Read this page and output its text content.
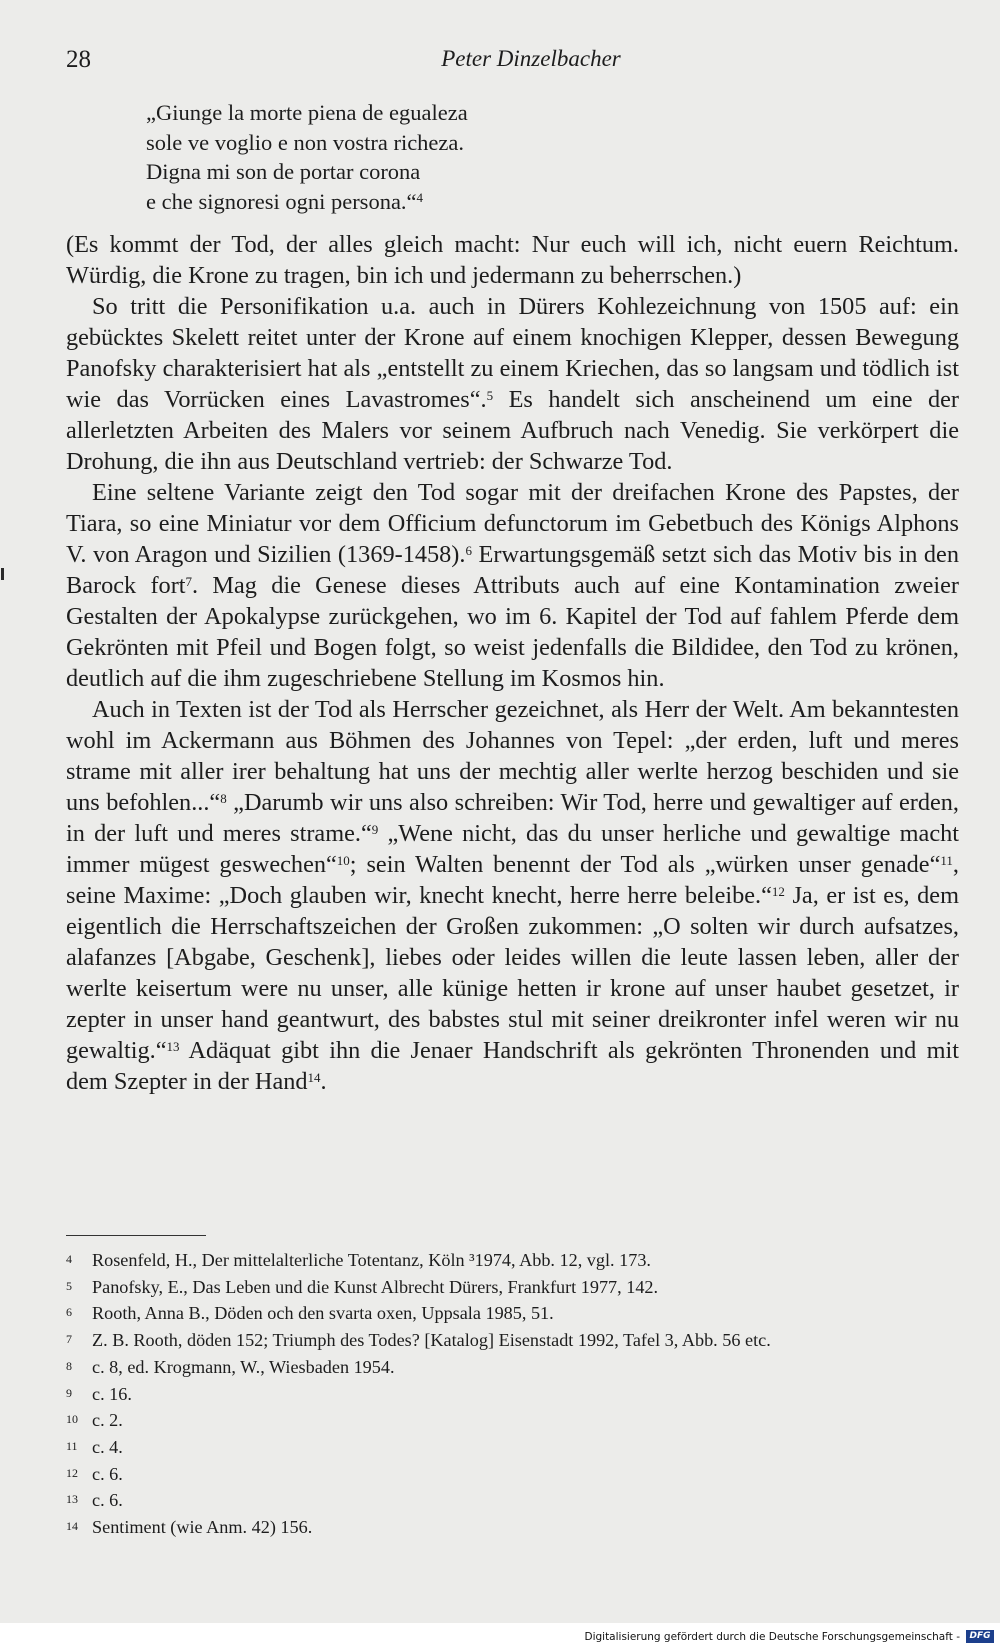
28	Peter Dinzelbacher
„Giunge la morte piena de egualeza
sole ve voglio e non vostra richeza.
Digna mi son de portar corona
e che signoresi ogni persona.“$^4$

(Es kommt der Tod, der alles gleich macht: Nur euch will ich, nicht euern Reichtum. Würdig, die Krone zu tragen, bin ich und jedermann zu beherrschen.)

So tritt die Personifikation u.a. auch in Dürers Kohlezeichnung von 1505 auf: ein gebücktes Skelett reitet unter der Krone auf einem knochigen Klepper, dessen Bewegung Panofsky charakterisiert hat als „entstellt zu einem Kriechen, das so langsam und tödlich ist wie das Vorrücken eines Lavastromes“.$^5$ Es handelt sich anscheinend um eine der allerletzten Arbeiten des Malers vor seinem Aufbruch nach Venedig. Sie verkörpert die Drohung, die ihn aus Deutschland vertrieb: der Schwarze Tod.

Eine seltene Variante zeigt den Tod sogar mit der dreifachen Krone des Papstes, der Tiara, so eine Miniatur vor dem Officium defunctorum im Gebetbuch des Königs Alphons V. von Aragon und Sizilien (1369-1458).$^6$ Erwartungsgemäß setzt sich das Motiv bis in den Barock fort$^7$. Mag die Genese dieses Attributs auch auf eine Kontamination zweier Gestalten der Apokalypse zurückgehen, wo im 6. Kapitel der Tod auf fahlem Pferde dem Gekrönten mit Pfeil und Bogen folgt, so weist jedenfalls die Bildidee, den Tod zu krönen, deutlich auf die ihm zugeschriebene Stellung im Kosmos hin.

Auch in Texten ist der Tod als Herrscher gezeichnet, als Herr der Welt. Am bekanntesten wohl im Ackermann aus Böhmen des Johannes von Tepel: „der erden, luft und meres strame mit aller irer behaltung hat uns der mechtig aller werlte herzog beschiden und sie uns befohlen...“$^8$ „Darumb wir uns also schreiben: Wir Tod, herre und gewaltiger auf erden, in der luft und meres strame.“$^9$ „Wene nicht, das du unser herliche und gewaltige macht immer mügest geswechen“$^{10}$; sein Walten benennt der Tod als „würken unser genade“$^{11}$, seine Maxime: „Doch glauben wir, knecht knecht, herre herre beleibe.“$^{12}$ Ja, er ist es, dem eigentlich die Herrschaftszeichen der Großen zukommen: „O solten wir durch aufsatzes, alafanzes [Abgabe, Geschenk], liebes oder leides willen die leute lassen leben, aller der werlte keisertum were nu unser, alle künige hetten ir krone auf unser haubet gesetzet, ir zepter in unser hand geantwurt, des babstes stul mit seiner dreikronter infel weren wir nu gewaltig.“$^{13}$ Adäquat gibt ihn die Jenaer Handschrift als gekrönten Thronenden und mit dem Szepter in der Hand$^{14}$.

4 Rosenfeld, H., Der mittelalterliche Totentanz, Köln ³1974, Abb. 12, vgl. 173.
5 Panofsky, E., Das Leben und die Kunst Albrecht Dürers, Frankfurt 1977, 142.
6 Rooth, Anna B., Döden och den svarta oxen, Uppsala 1985, 51.
7 Z. B. Rooth, döden 152; Triumph des Todes? [Katalog] Eisenstadt 1992, Tafel 3, Abb. 56 etc.
8 c. 8, ed. Krogmann, W., Wiesbaden 1954.
9 c. 16.
10 c. 2.
11 c. 4.
12 c. 6.
13 c. 6.
14 Sentiment (wie Anm. 42) 156.
Digitalisierung gefördert durch die Deutsche Forschungsgemeinschaft -	DFG
